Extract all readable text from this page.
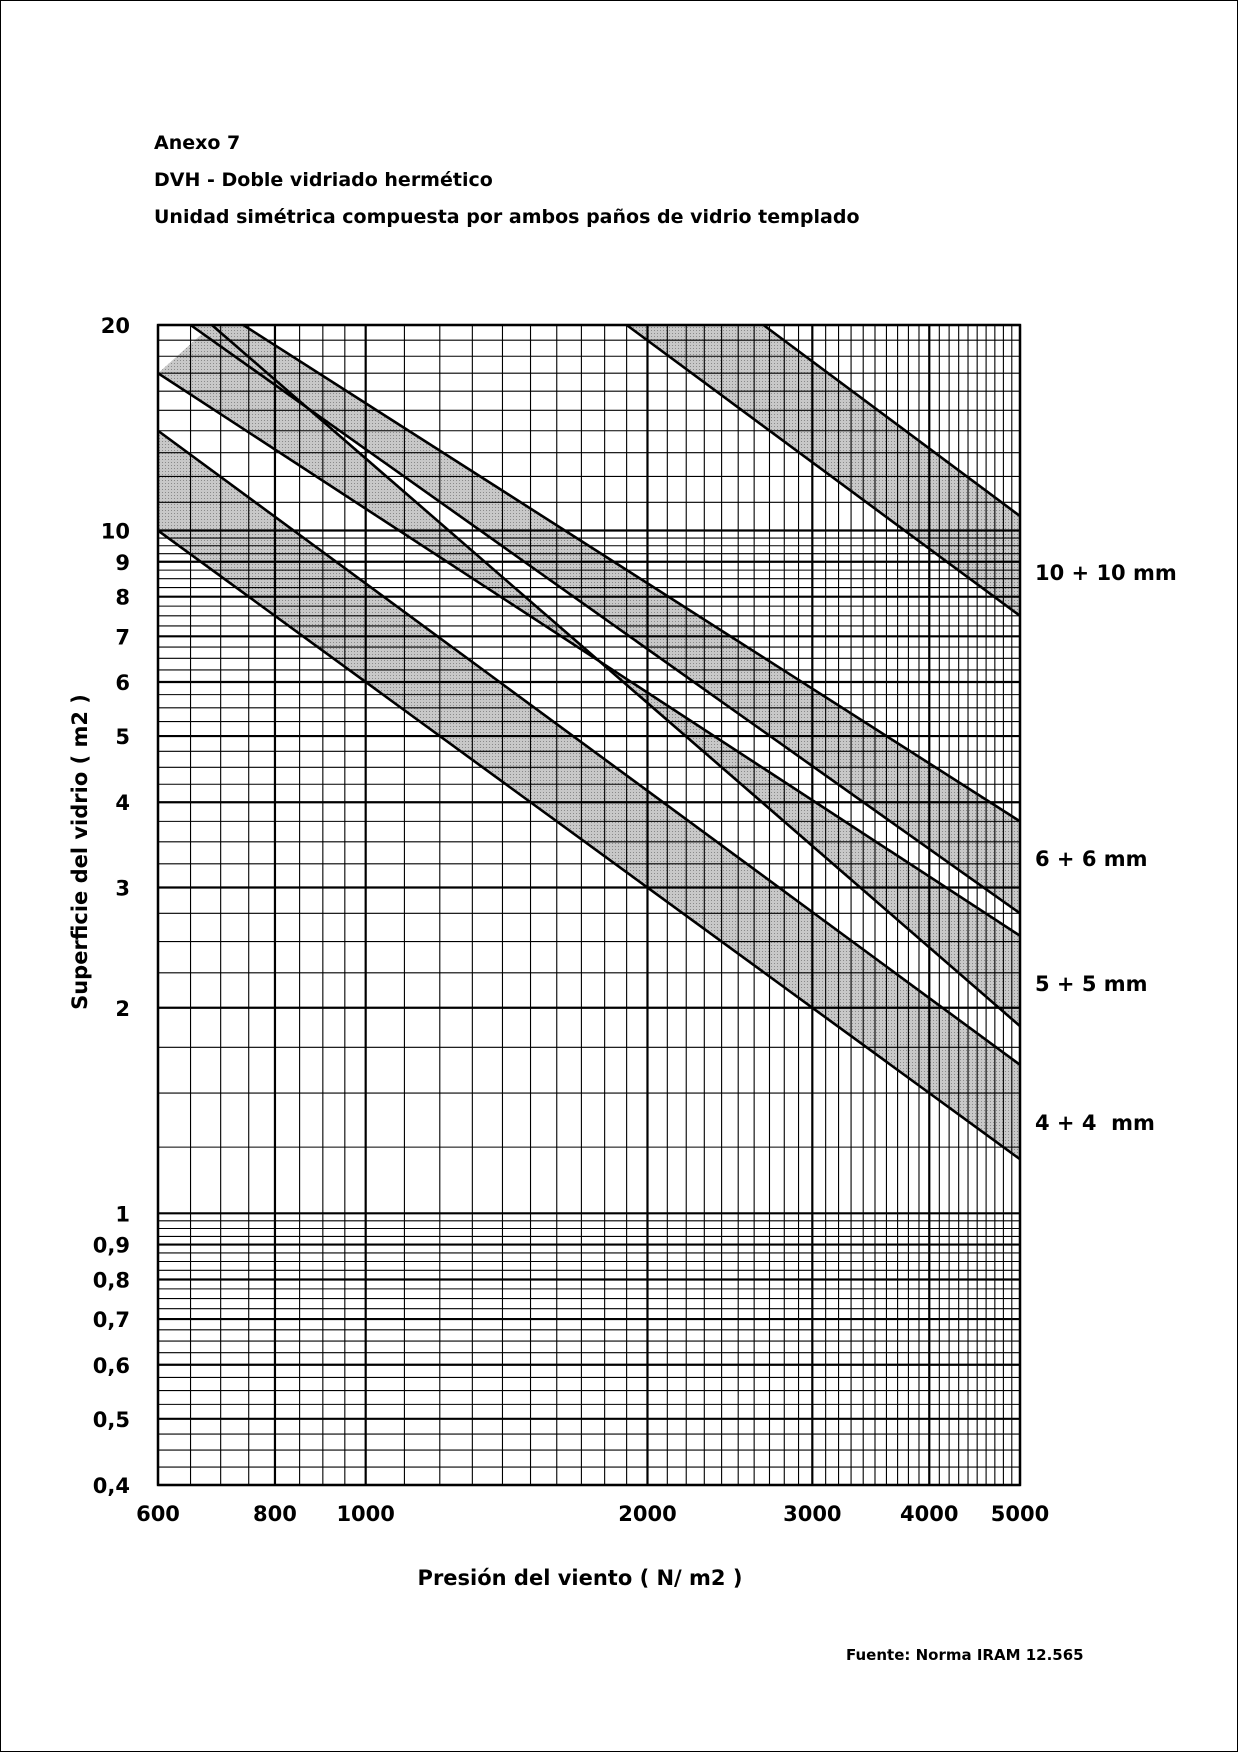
Anexo 7
DVH - Doble vidriado hermético
Unidad simétrica compuesta por ambos paños de vidrio templado
600	800 1000	2000	3000	4000 5000
20
10
9
8
7
6
5
4
3
2
1
0,9
0,8
0,7
0,6
0,5
0,4
4 + 4  mm
5 + 5 mm
6 + 6 mm
10 + 10 mm
Presión del viento ( N/ m2 )
Superficie del vidrio ( m2 )
Fuente: Norma IRAM 12.565
